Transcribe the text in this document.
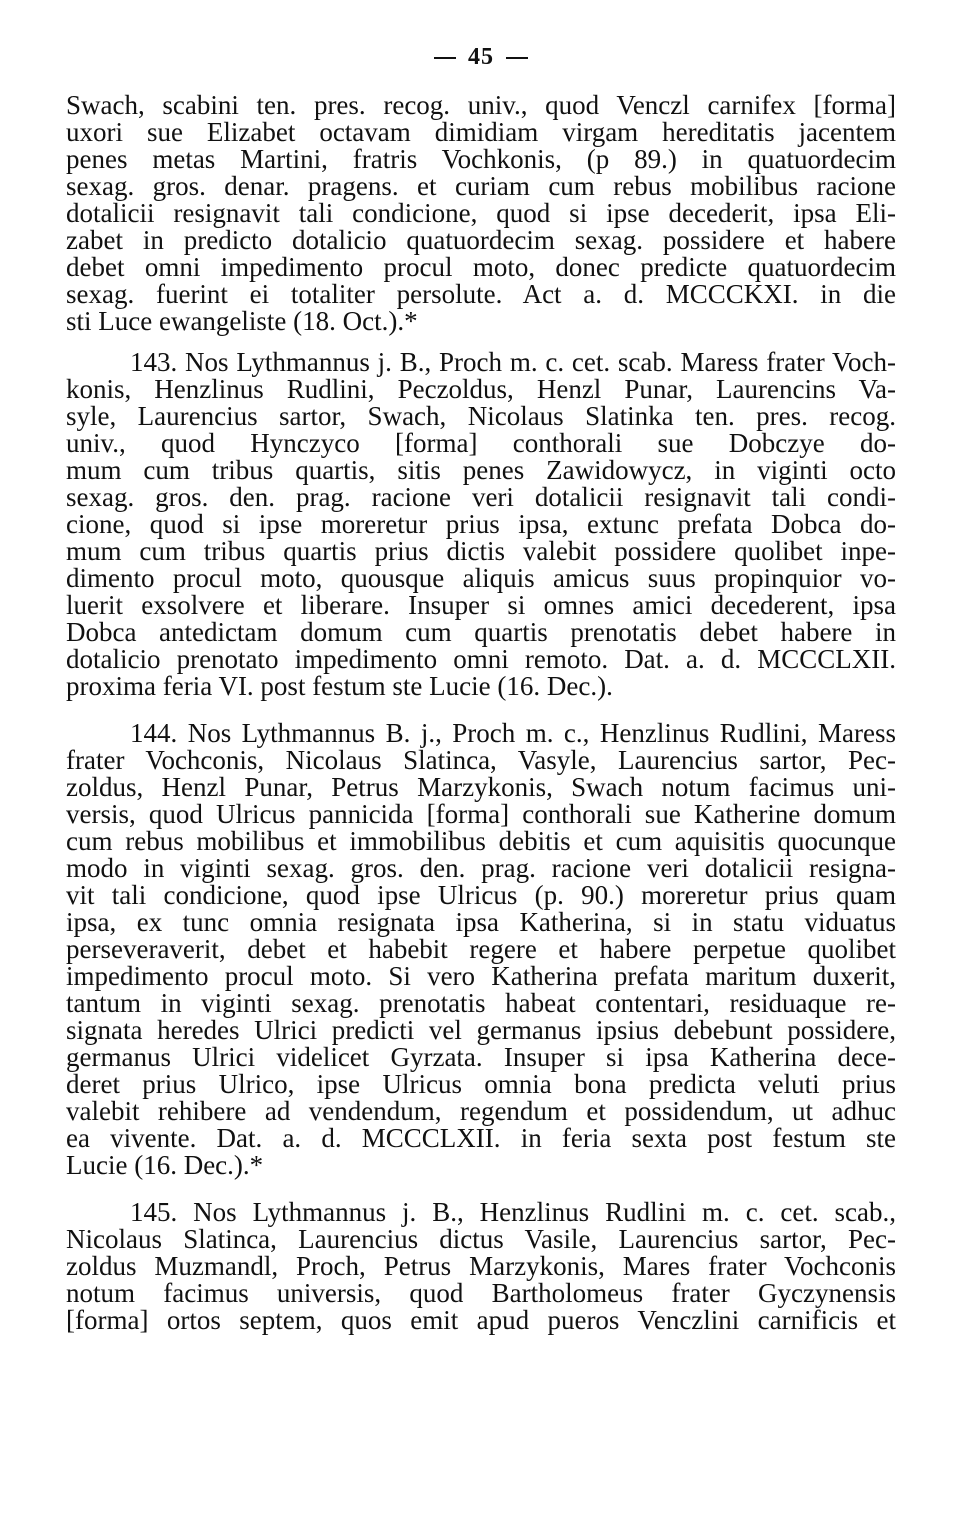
45
Swach, scabini ten. pres. recog. univ., quod Venczl carnifex [forma]
uxori sue Elizabet octavam dimidiam virgam hereditatis jacentem
penes metas Martini, fratris Vochkonis, (p 89.) in quatuordecim
sexag. gros. denar. pragens. et curiam cum rebus mobilibus racione
dotalicii resignavit tali condicione, quod si ipse decederit, ipsa Eli-
zabet in predicto dotalicio quatuordecim sexag. possidere et habere
debet omni impedimento procul moto, donec predicte quatuordecim
sexag. fuerint ei totaliter persolute. Act a. d. MCCCKXI. in die
sti Luce ewangeliste (18. Oct.).*
143. Nos Lythmannus j. B., Proch m. c. cet. scab. Maress frater Voch-
konis, Henzlinus Rudlini, Peczoldus, Henzl Punar, Laurencins Va-
syle, Laurencius sartor, Swach, Nicolaus Slatinka ten. pres. recog.
univ., quod Hynczyco [forma] conthorali sue Dobczye do-
mum cum tribus quartis, sitis penes Zawidowycz, in viginti octo
sexag. gros. den. prag. racione veri dotalicii resignavit tali condi-
cione, quod si ipse moreretur prius ipsa, extunc prefata Dobca do-
mum cum tribus quartis prius dictis valebit possidere quolibet inpe-
dimento procul moto, quousque aliquis amicus suus propinquior vo-
luerit exsolvere et liberare. Insuper si omnes amici decederent, ipsa
Dobca antedictam domum cum quartis prenotatis debet habere in
dotalicio prenotato impedimento omni remoto. Dat. a. d. MCCCLXII.
proxima feria VI. post festum ste Lucie (16. Dec.).
144. Nos Lythmannus B. j., Proch m. c., Henzlinus Rudlini, Maress
frater Vochconis, Nicolaus Slatinca, Vasyle, Laurencius sartor, Pec-
zoldus, Henzl Punar, Petrus Marzykonis, Swach notum facimus uni-
versis, quod Ulricus pannicida [forma] conthorali sue Katherine domum
cum rebus mobilibus et immobilibus debitis et cum aquisitis quocunque
modo in viginti sexag. gros. den. prag. racione veri dotalicii resigna-
vit tali condicione, quod ipse Ulricus (p. 90.) moreretur prius quam
ipsa, ex tunc omnia resignata ipsa Katherina, si in statu viduatus
perseveraverit, debet et habebit regere et habere perpetue quolibet
impedimento procul moto. Si vero Katherina prefata maritum duxerit,
tantum in viginti sexag. prenotatis habeat contentari, residuaque re-
signata heredes Ulrici predicti vel germanus ipsius debebunt possidere,
germanus Ulrici videlicet Gyrzata. Insuper si ipsa Katherina dece-
deret prius Ulrico, ipse Ulricus omnia bona predicta veluti prius
valebit rehibere ad vendendum, regendum et possidendum, ut adhuc
ea vivente. Dat. a. d. MCCCLXII. in feria sexta post festum ste
Lucie (16. Dec.).*
145. Nos Lythmannus j. B., Henzlinus Rudlini m. c. cet. scab.,
Nicolaus Slatinca, Laurencius dictus Vasile, Laurencius sartor, Pec-
zoldus Muzmandl, Proch, Petrus Marzykonis, Mares frater Vochconis
notum facimus universis, quod Bartholomeus frater Gyczynensis
[forma] ortos septem, quos emit apud pueros Venczlini carnificis et
